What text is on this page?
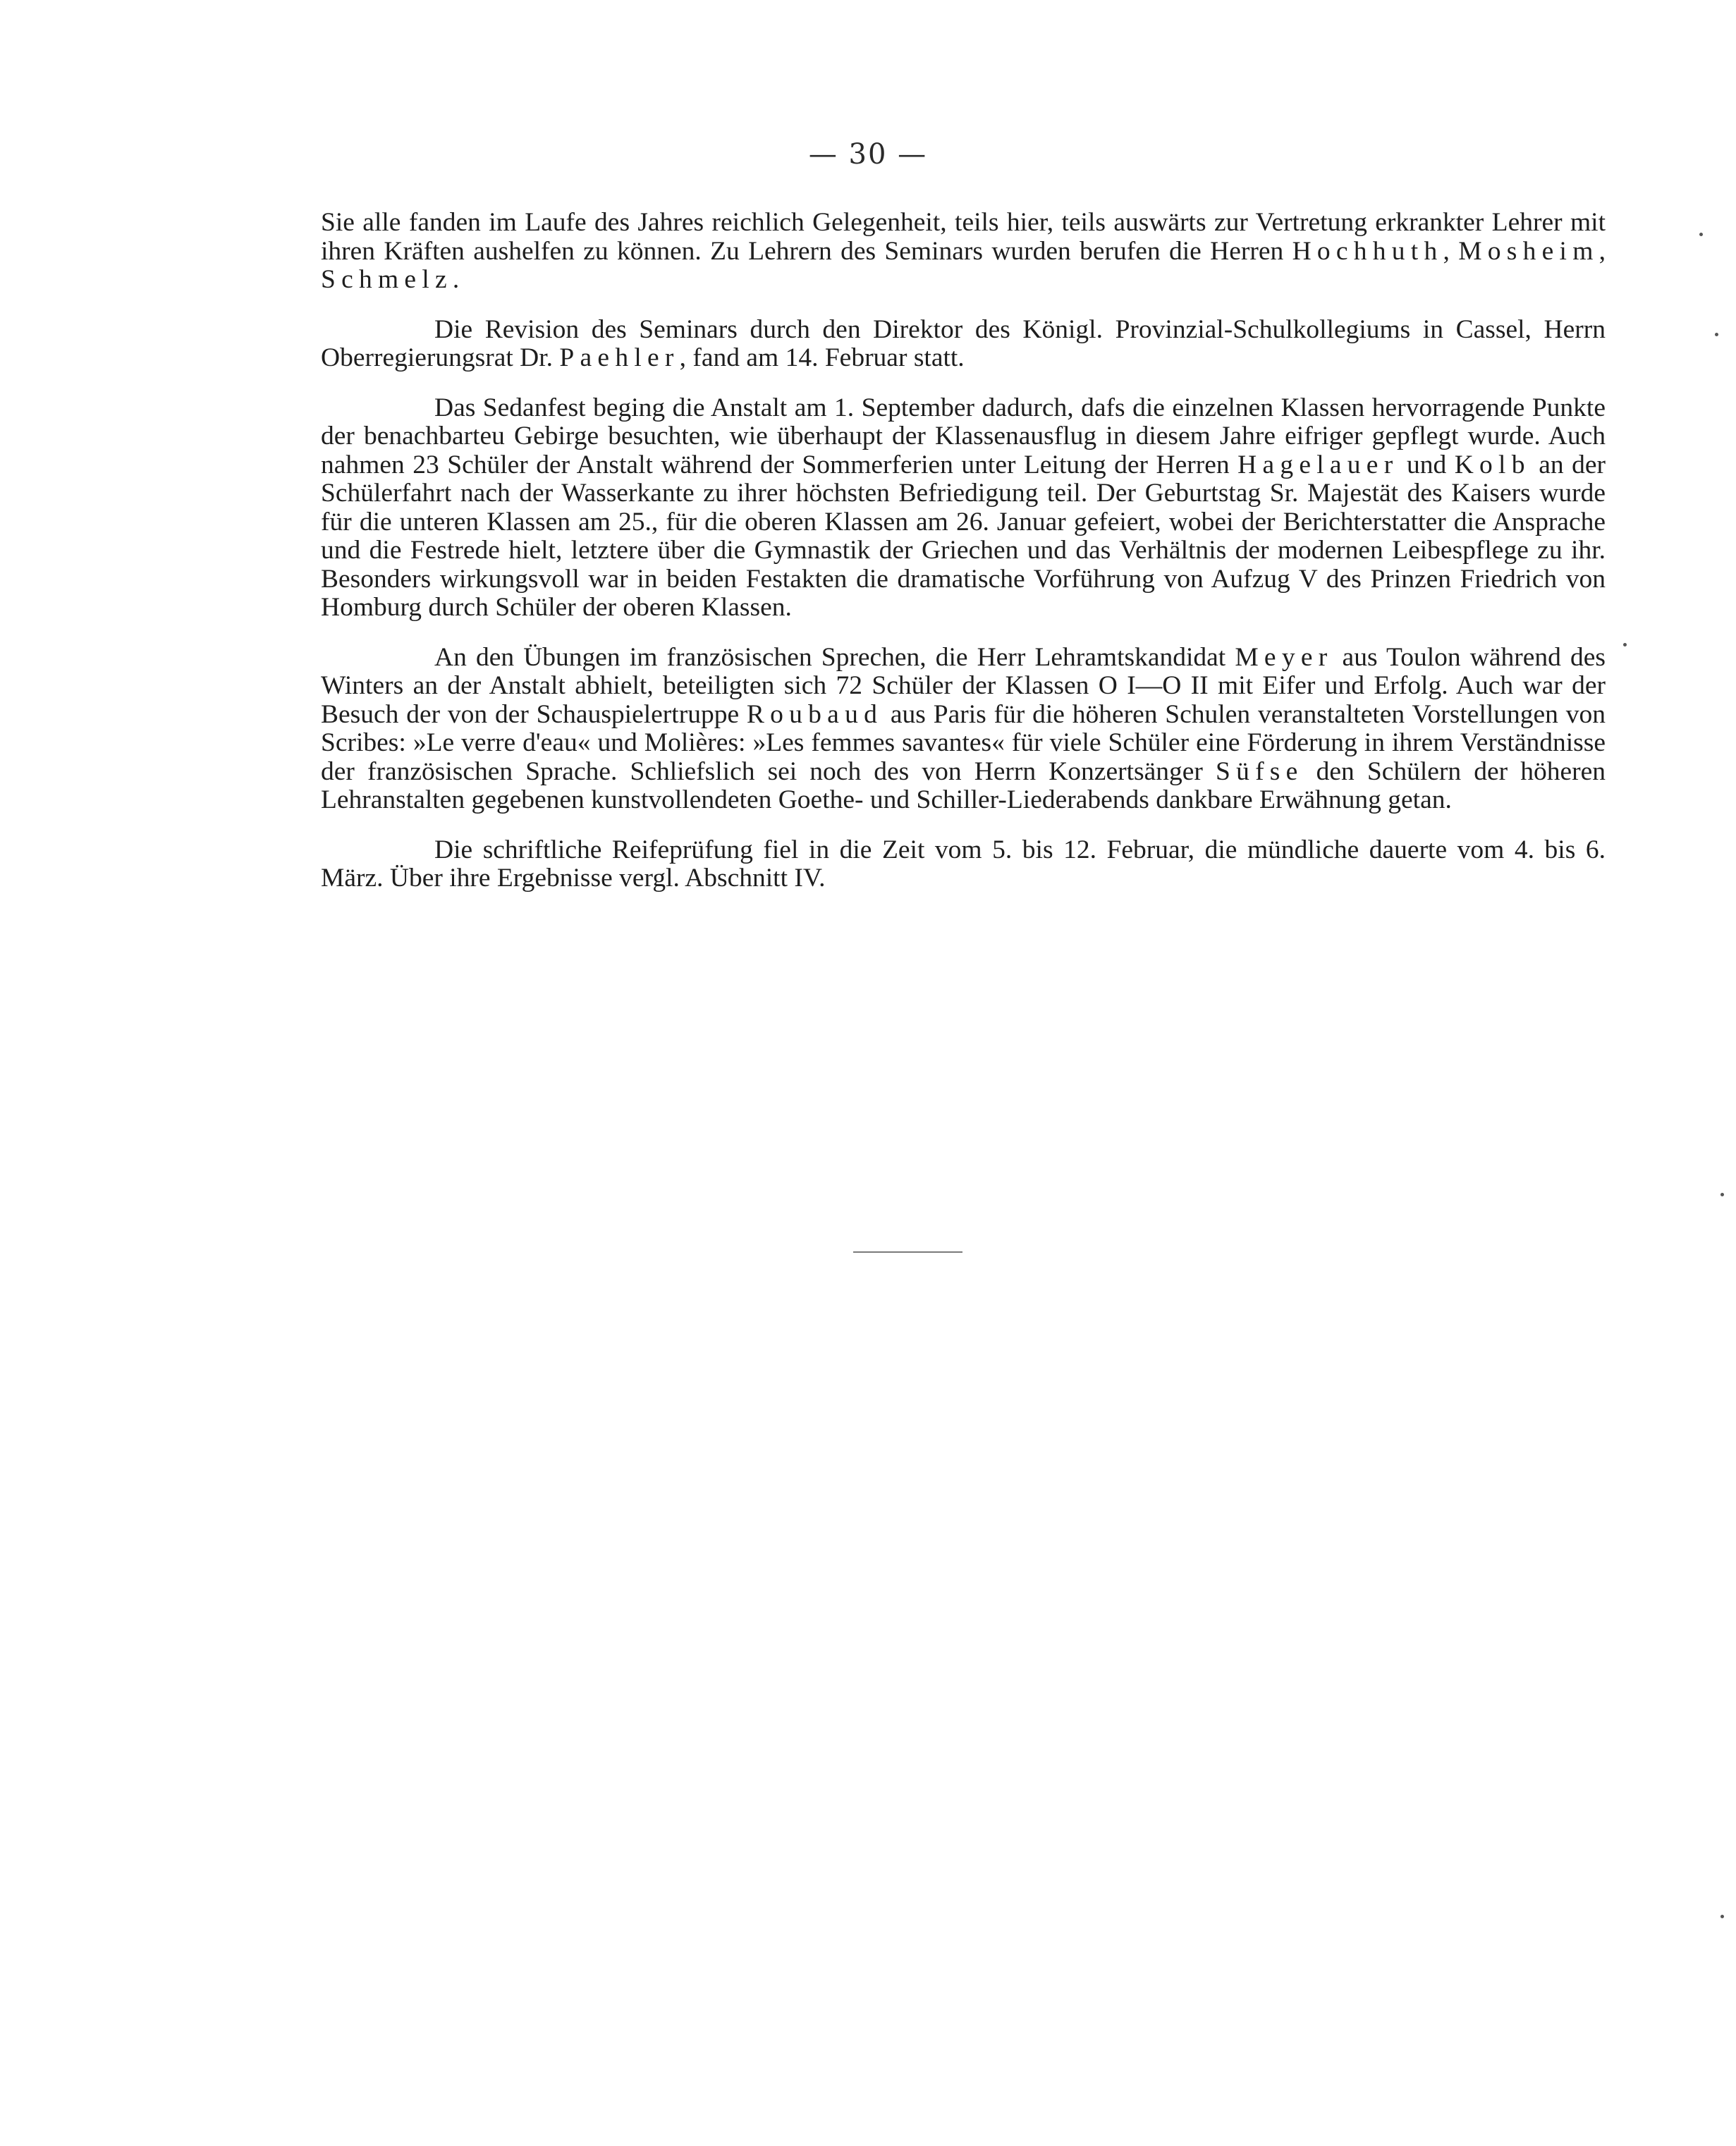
— 30 —

Sie alle fanden im Laufe des Jahres reichlich Gelegenheit, teils hier, teils auswärts zur Vertretung erkrankter Lehrer mit ihren Kräften aushelfen zu können. Zu Lehrern des Seminars wurden berufen die Herren Hochhuth, Mosheim, Schmelz.

Die Revision des Seminars durch den Direktor des Königl. Provinzial-Schulkollegiums in Cassel, Herrn Oberregierungsrat Dr. Paehler, fand am 14. Februar statt.

Das Sedanfest beging die Anstalt am 1. September dadurch, dafs die einzelnen Klassen hervorragende Punkte der benachbarteu Gebirge besuchten, wie überhaupt der Klassenausflug in diesem Jahre eifriger gepflegt wurde. Auch nahmen 23 Schüler der Anstalt während der Sommerferien unter Leitung der Herren Hagelauer und Kolb an der Schülerfahrt nach der Wasserkante zu ihrer höchsten Befriedigung teil. Der Geburtstag Sr. Majestät des Kaisers wurde für die unteren Klassen am 25., für die oberen Klassen am 26. Januar gefeiert, wobei der Berichterstatter die Ansprache und die Festrede hielt, letztere über die Gymnastik der Griechen und das Verhältnis der modernen Leibespflege zu ihr. Besonders wirkungsvoll war in beiden Festakten die dramatische Vorführung von Aufzug V des Prinzen Friedrich von Homburg durch Schüler der oberen Klassen.

An den Übungen im französischen Sprechen, die Herr Lehramtskandidat Meyer aus Toulon während des Winters an der Anstalt abhielt, beteiligten sich 72 Schüler der Klassen O I—O II mit Eifer und Erfolg. Auch war der Besuch der von der Schauspielertruppe Roubaud aus Paris für die höheren Schulen veranstalteten Vorstellungen von Scribes: »Le verre d'eau« und Molières: »Les femmes savantes« für viele Schüler eine Förderung in ihrem Verständnisse der französischen Sprache. Schliefslich sei noch des von Herrn Konzertsänger Süfse den Schülern der höheren Lehranstalten gegebenen kunstvollendeten Goethe- und Schiller-Liederabends dankbare Erwähnung getan.

Die schriftliche Reifeprüfung fiel in die Zeit vom 5. bis 12. Februar, die mündliche dauerte vom 4. bis 6. März. Über ihre Ergebnisse vergl. Abschnitt IV.
